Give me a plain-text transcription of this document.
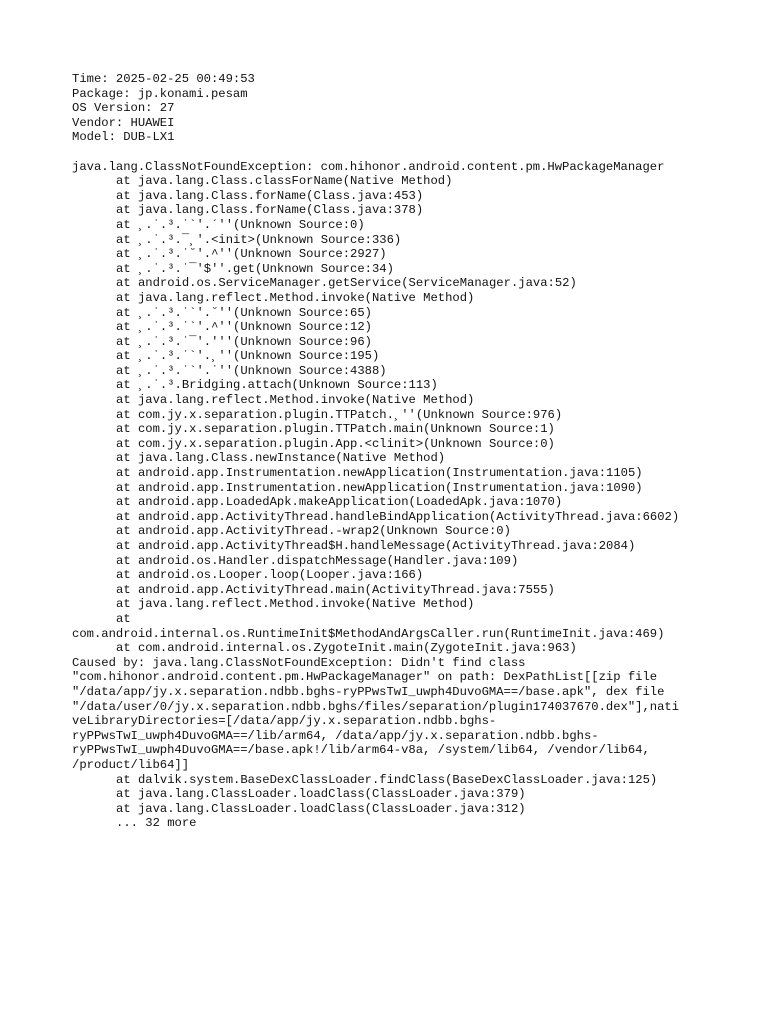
Time: 2025-02-25 00:49:53
Package: jp.konami.pesam
OS Version: 27
Vendor: HUAWEI
Model: DUB-LX1
java.lang.ClassNotFoundException: com.hihonor.android.content.pm.HwPackageManager
at java.lang.Class.classForName(Native Method)
at java.lang.Class.forName(Class.java:453)
at java.lang.Class.forName(Class.java:378)
at ¸.˙.³.˙`'.´''(Unknown Source:0)
at ¸.˙.³.¯¸'.<init>(Unknown Source:336)
at ¸.˙.³.˙˘'.^''(Unknown Source:2927)
at ¸.˙.³.˙¯'$''.get(Unknown Source:34)
at android.os.ServiceManager.getService(ServiceManager.java:52)
at java.lang.reflect.Method.invoke(Native Method)
at ¸.˙.³.˙`'.˘''(Unknown Source:65)
at ¸.˙.³.˙`'.^''(Unknown Source:12)
at ¸.˙.³.˙¯'.'''(Unknown Source:96)
at ¸.˙.³.˙`'.¸''(Unknown Source:195)
at ¸.˙.³.˙`'.˙''(Unknown Source:4388)
at ¸.˙.³.Bridging.attach(Unknown Source:113)
at java.lang.reflect.Method.invoke(Native Method)
at com.jy.x.separation.plugin.TTPatch.¸''(Unknown Source:976)
at com.jy.x.separation.plugin.TTPatch.main(Unknown Source:1)
at com.jy.x.separation.plugin.App.<clinit>(Unknown Source:0)
at java.lang.Class.newInstance(Native Method)
at android.app.Instrumentation.newApplication(Instrumentation.java:1105)
at android.app.Instrumentation.newApplication(Instrumentation.java:1090)
at android.app.LoadedApk.makeApplication(LoadedApk.java:1070)
at android.app.ActivityThread.handleBindApplication(ActivityThread.java:6602)
at android.app.ActivityThread.-wrap2(Unknown Source:0)
at android.app.ActivityThread$H.handleMessage(ActivityThread.java:2084)
at android.os.Handler.dispatchMessage(Handler.java:109)
at android.os.Looper.loop(Looper.java:166)
at android.app.ActivityThread.main(ActivityThread.java:7555)
at java.lang.reflect.Method.invoke(Native Method)
at
com.android.internal.os.RuntimeInit$MethodAndArgsCaller.run(RuntimeInit.java:469)
at com.android.internal.os.ZygoteInit.main(ZygoteInit.java:963)
Caused by: java.lang.ClassNotFoundException: Didn't find class
"com.hihonor.android.content.pm.HwPackageManager" on path: DexPathList[[zip file
"/data/app/jy.x.separation.ndbb.bghs-ryPPwsTwI_uwph4DuvoGMA==/base.apk", dex file
"/data/user/0/jy.x.separation.ndbb.bghs/files/separation/plugin174037670.dex"],nati
veLibraryDirectories=[/data/app/jy.x.separation.ndbb.bghs-
ryPPwsTwI_uwph4DuvoGMA==/lib/arm64, /data/app/jy.x.separation.ndbb.bghs-
ryPPwsTwI_uwph4DuvoGMA==/base.apk!/lib/arm64-v8a, /system/lib64, /vendor/lib64,
/product/lib64]]
at dalvik.system.BaseDexClassLoader.findClass(BaseDexClassLoader.java:125)
at java.lang.ClassLoader.loadClass(ClassLoader.java:379)
at java.lang.ClassLoader.loadClass(ClassLoader.java:312)
... 32 more
